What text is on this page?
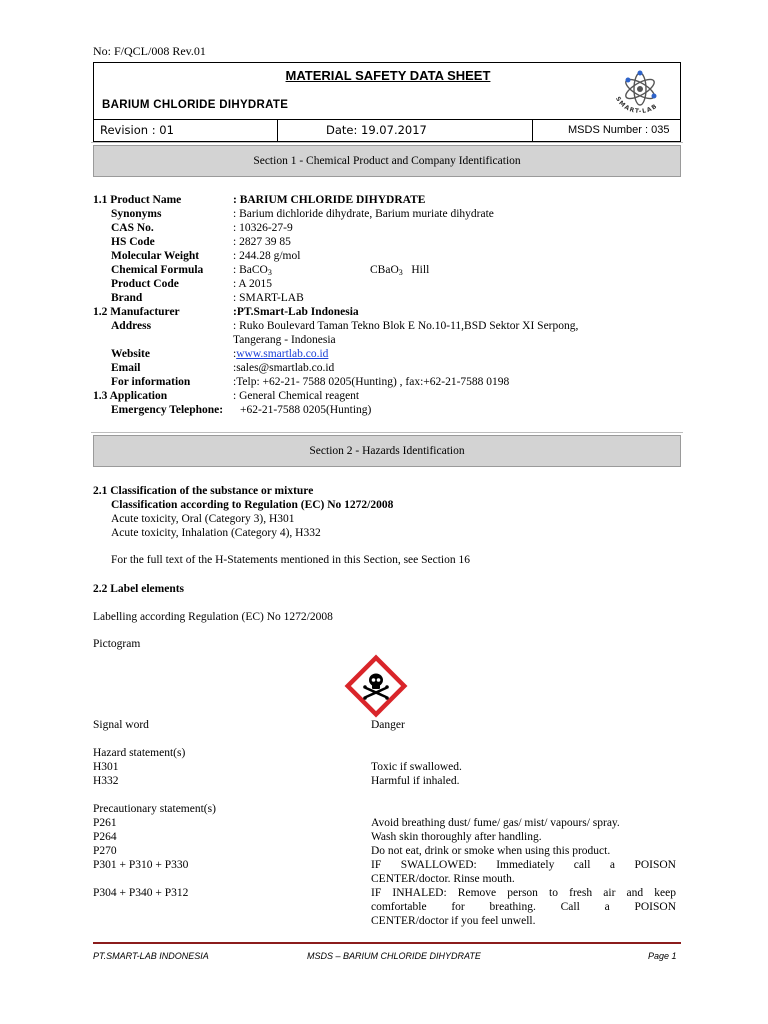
No: F/QCL/008 Rev.01
MATERIAL SAFETY DATA SHEET
BARIUM CHLORIDE DIHYDRATE	SMART-LAB
Revision : 01	Date: 19.07.2017	MSDS Number : 035
Section 1 - Chemical Product and Company Identification
1.1 Product Name	: BARIUM CHLORIDE DIHYDRATE
Synonyms	: Barium dichloride dihydrate, Barium muriate dihydrate
CAS No.	: 10326-27-9
HS Code	: 2827 39 85
Molecular Weight	: 244.28 g/mol
Chemical Formula	: BaCO$_3$	CBaO$_3$ Hill
Product Code	: A 2015
Brand	: SMART-LAB
1.2 Manufacturer	:PT.Smart-Lab Indonesia
Address	: Ruko Boulevard Taman Tekno Blok E No.10-11,BSD Sektor XI Serpong,
Tangerang - Indonesia
Website	:www.smartlab.co.id
Email	:sales@smartlab.co.id
For information	:Telp: +62-21- 7588 0205(Hunting) , fax:+62-21-7588 0198
1.3 Application	: General Chemical reagent
Emergency Telephone: +62-21-7588 0205(Hunting)
Section 2 - Hazards Identification
2.1 Classification of the substance or mixture
Classification according to Regulation (EC) No 1272/2008
Acute toxicity, Oral (Category 3), H301
Acute toxicity, Inhalation (Category 4), H332
For the full text of the H-Statements mentioned in this Section, see Section 16
2.2 Label elements
Labelling according Regulation (EC) No 1272/2008
Pictogram
Signal word	Danger
Hazard statement(s)
H301	Toxic if swallowed.
H332	Harmful if inhaled.
Precautionary statement(s)
P261	Avoid breathing dust/ fume/ gas/ mist/ vapours/ spray.
P264	Wash skin thoroughly after handling.
P270	Do not eat, drink or smoke when using this product.
P301 + P310 + P330	IF SWALLOWED: Immediately call a POISON
CENTER/doctor. Rinse mouth.
P304 + P340 + P312	IF INHALED: Remove person to fresh air and keep
comfortable for breathing. Call a POISON
CENTER/doctor if you feel unwell.
PT.SMART-LAB INDONESIA	MSDS – BARIUM CHLORIDE DIHYDRATE	Page 1
